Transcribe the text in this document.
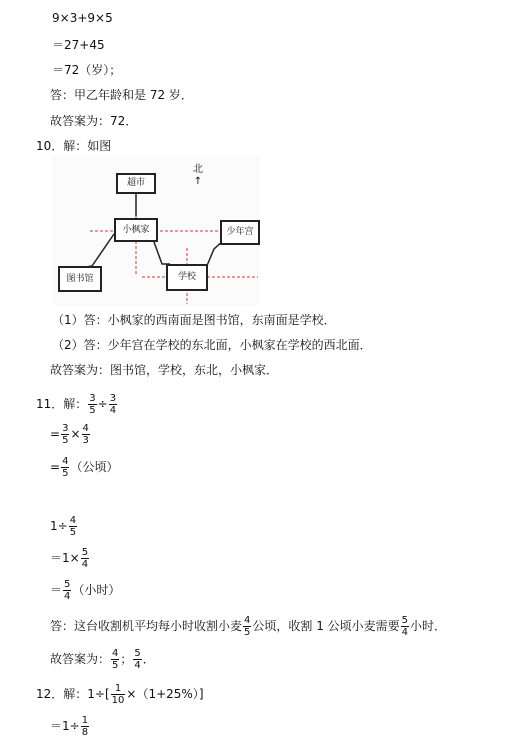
9×3+9×5
＝27+45
＝72（岁）；
答：甲乙年龄和是 72 岁．
故答案为：72．
10．解：如图
超市
小枫家	少年宫
图书馆	学校
北
↑
（1）答：小枫家的西南面是图书馆，东南面是学校．
（2）答：少年宫在学校的东北面，小枫家在学校的西北面．
故答案为：图书馆，学校，东北，小枫家．
11．解： $\frac{3}{5} \div \frac{3}{4}$
= $\frac{3}{5} \times \frac{4}{3}$
= $\frac{4}{5}$ （公顷）
$1\div \frac{4}{5}$
$=1\times \frac{5}{4}$
＝ $\frac{5}{4}$ （小时）
答：这台收割机平均每小时收割小麦 $\frac{4}{5}$ 公顷，收割 1 公顷小麦需要 $\frac{5}{4}$ 小时．
故答案为： $\frac{4}{5}$ ； $\frac{5}{4}$ ．
12．解：$1\div[ \frac{1}{10} \times(1+25\%)]$
$=1\div \frac{1}{8}$
